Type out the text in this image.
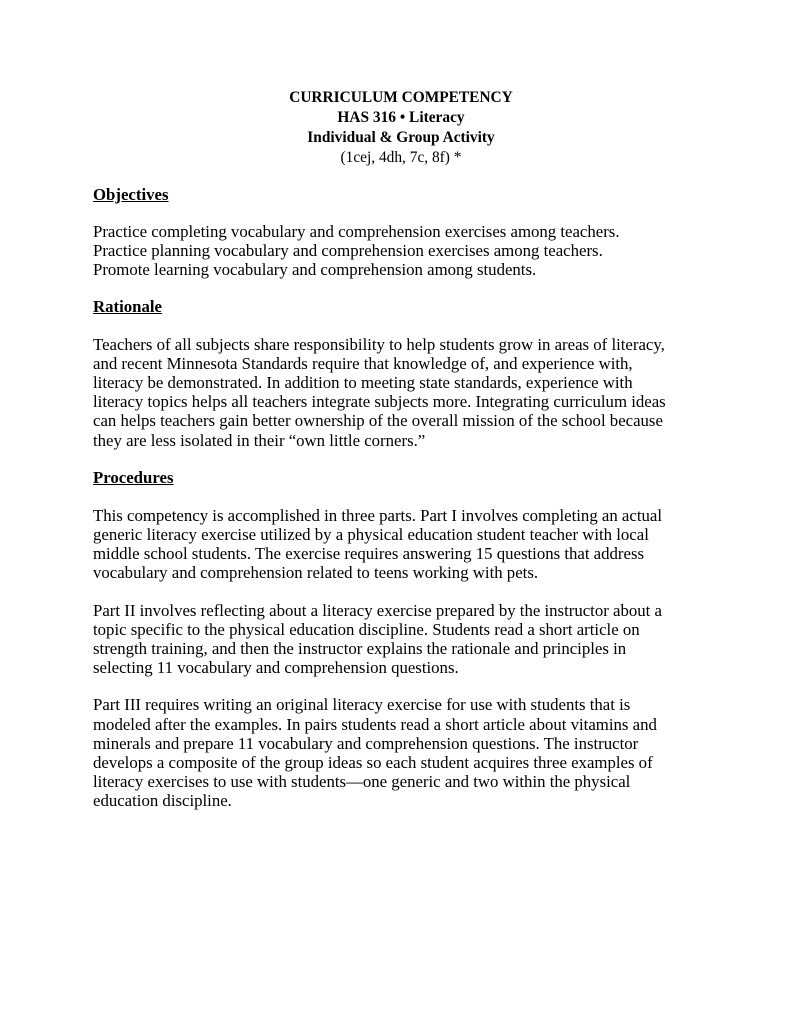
CURRICULUM COMPETENCY
HAS 316 • Literacy
Individual & Group Activity
(1cej, 4dh, 7c, 8f) *
Objectives

Practice completing vocabulary and comprehension exercises among teachers.
Practice planning vocabulary and comprehension exercises among teachers.
Promote learning vocabulary and comprehension among students.

Rationale

Teachers of all subjects share responsibility to help students grow in areas of literacy,
and recent Minnesota Standards require that knowledge of, and experience with,
literacy be demonstrated. In addition to meeting state standards, experience with
literacy topics helps all teachers integrate subjects more. Integrating curriculum ideas
can helps teachers gain better ownership of the overall mission of the school because
they are less isolated in their “own little corners.”

Procedures

This competency is accomplished in three parts. Part I involves completing an actual
generic literacy exercise utilized by a physical education student teacher with local
middle school students. The exercise requires answering 15 questions that address
vocabulary and comprehension related to teens working with pets.

Part II involves reflecting about a literacy exercise prepared by the instructor about a
topic specific to the physical education discipline. Students read a short article on
strength training, and then the instructor explains the rationale and principles in
selecting 11 vocabulary and comprehension questions.

Part III requires writing an original literacy exercise for use with students that is
modeled after the examples. In pairs students read a short article about vitamins and
minerals and prepare 11 vocabulary and comprehension questions. The instructor
develops a composite of the group ideas so each student acquires three examples of
literacy exercises to use with students—one generic and two within the physical
education discipline.
